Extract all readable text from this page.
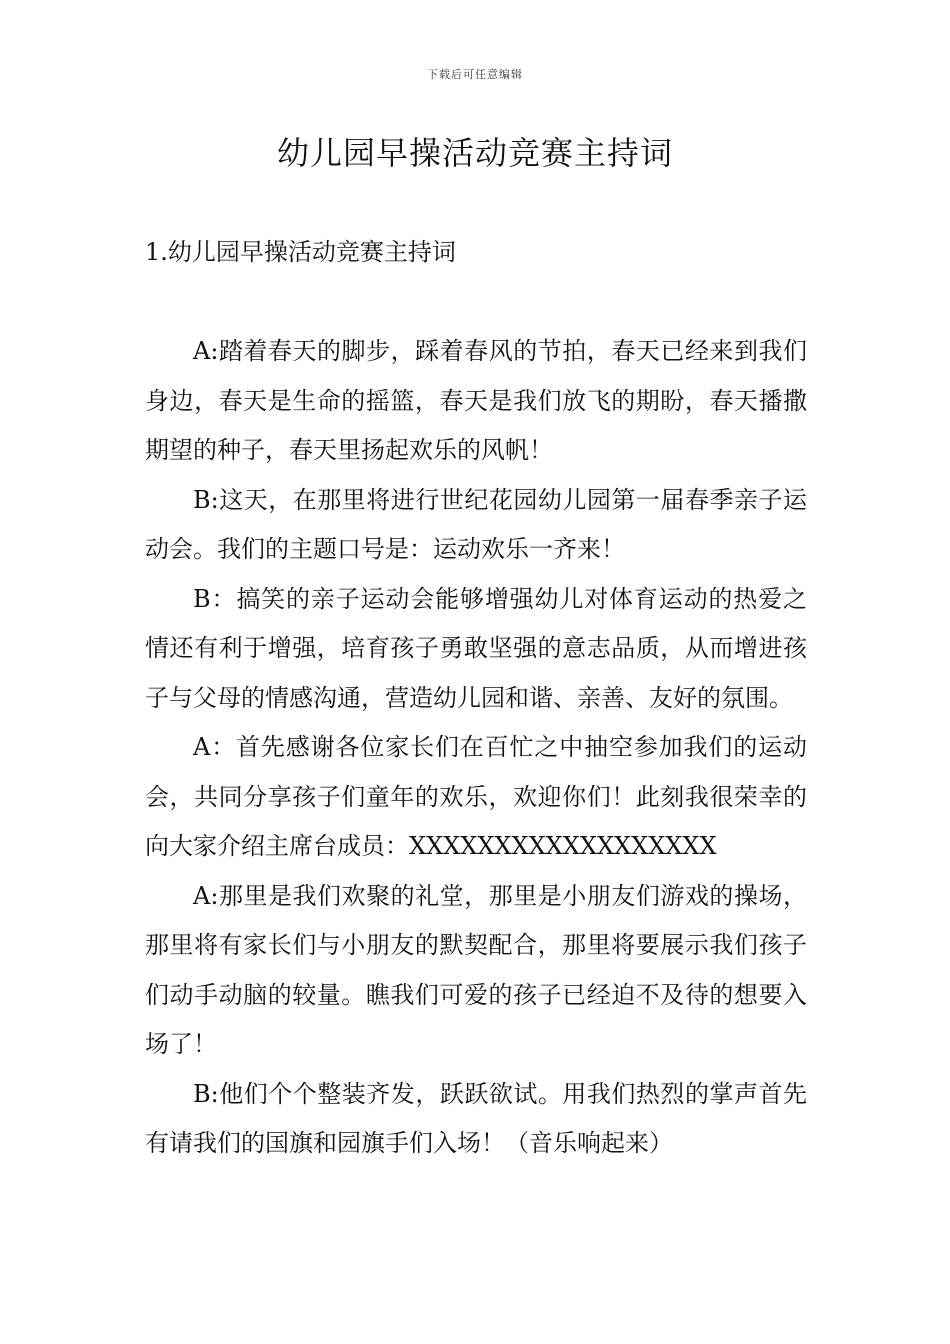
下载后可任意编辑
幼儿园早操活动竞赛主持词
1.幼儿园早操活动竞赛主持词

A:踏着春天的脚步，踩着春风的节拍，春天已经来到我们身边，春天是生命的摇篮，春天是我们放飞的期盼，春天播撒期望的种子，春天里扬起欢乐的风帆！

B:这天，在那里将进行世纪花园幼儿园第一届春季亲子运动会。我们的主题口号是：运动欢乐一齐来！

B：搞笑的亲子运动会能够增强幼儿对体育运动的热爱之情还有利于增强，培育孩子勇敢坚强的意志品质，从而增进孩子与父母的情感沟通，营造幼儿园和谐、亲善、友好的氛围。

A：首先感谢各位家长们在百忙之中抽空参加我们的运动会，共同分享孩子们童年的欢乐，欢迎你们！此刻我很荣幸的向大家介绍主席台成员：XXXXXXXXXXXXXXXXXX

A:那里是我们欢聚的礼堂，那里是小朋友们游戏的操场，那里将有家长们与小朋友的默契配合，那里将要展示我们孩子们动手动脑的较量。瞧我们可爱的孩子已经迫不及待的想要入场了！

B:他们个个整装齐发，跃跃欲试。用我们热烈的掌声首先有请我们的国旗和园旗手们入场！（音乐响起来）
